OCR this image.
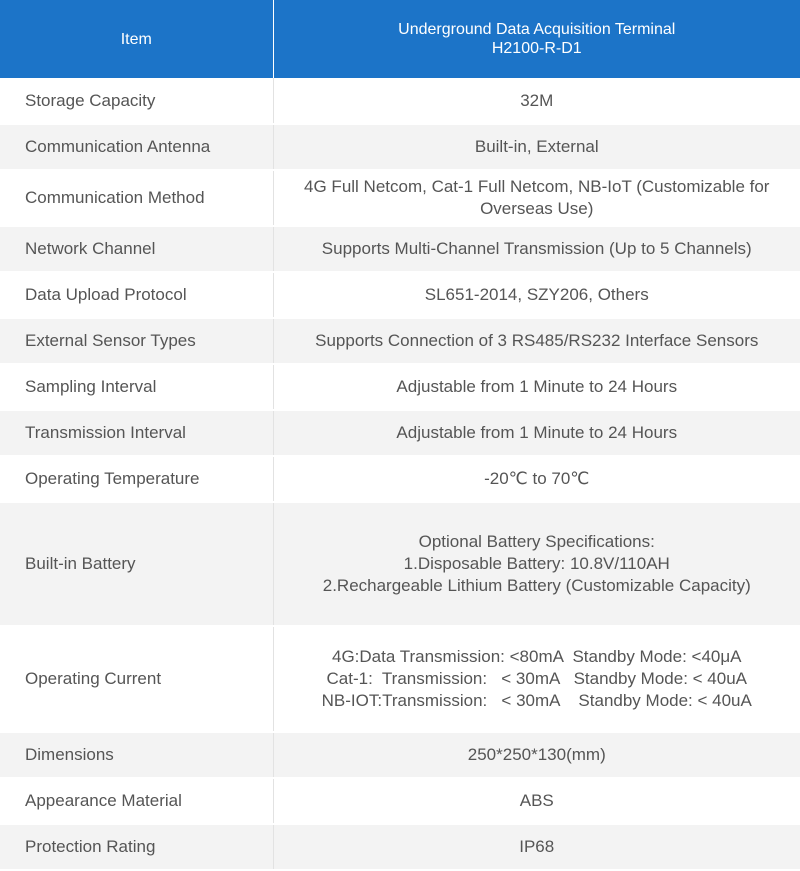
Item	Underground Data Acquisition Terminal
H2100-R-D1

Storage Capacity	32M

Communication Antenna	Built-in, External

Communication Method	4G Full Netcom, Cat-1 Full Netcom, NB-IoT (Customizable for
Overseas Use)

Network Channel	Supports Multi-Channel Transmission (Up to 5 Channels)

Data Upload Protocol	SL651-2014, SZY206, Others

External Sensor Types	Supports Connection of 3 RS485/RS232 Interface Sensors

Sampling Interval	Adjustable from 1 Minute to 24 Hours

Transmission Interval	Adjustable from 1 Minute to 24 Hours

Operating Temperature	-20℃ to 70℃

Built-in Battery	Optional Battery Specifications:
1.Disposable Battery: 10.8V/110AH
2.Rechargeable Lithium Battery (Customizable Capacity)

Operating Current	4G:Data Transmission: <80mA  Standby Mode: <40μA
Cat-1:  Transmission:   < 30mA   Standby Mode: < 40uA
NB-IOT:Transmission:   < 30mA    Standby Mode: < 40uA

Dimensions	250*250*130(mm)

Appearance Material	ABS

Protection Rating	IP68
